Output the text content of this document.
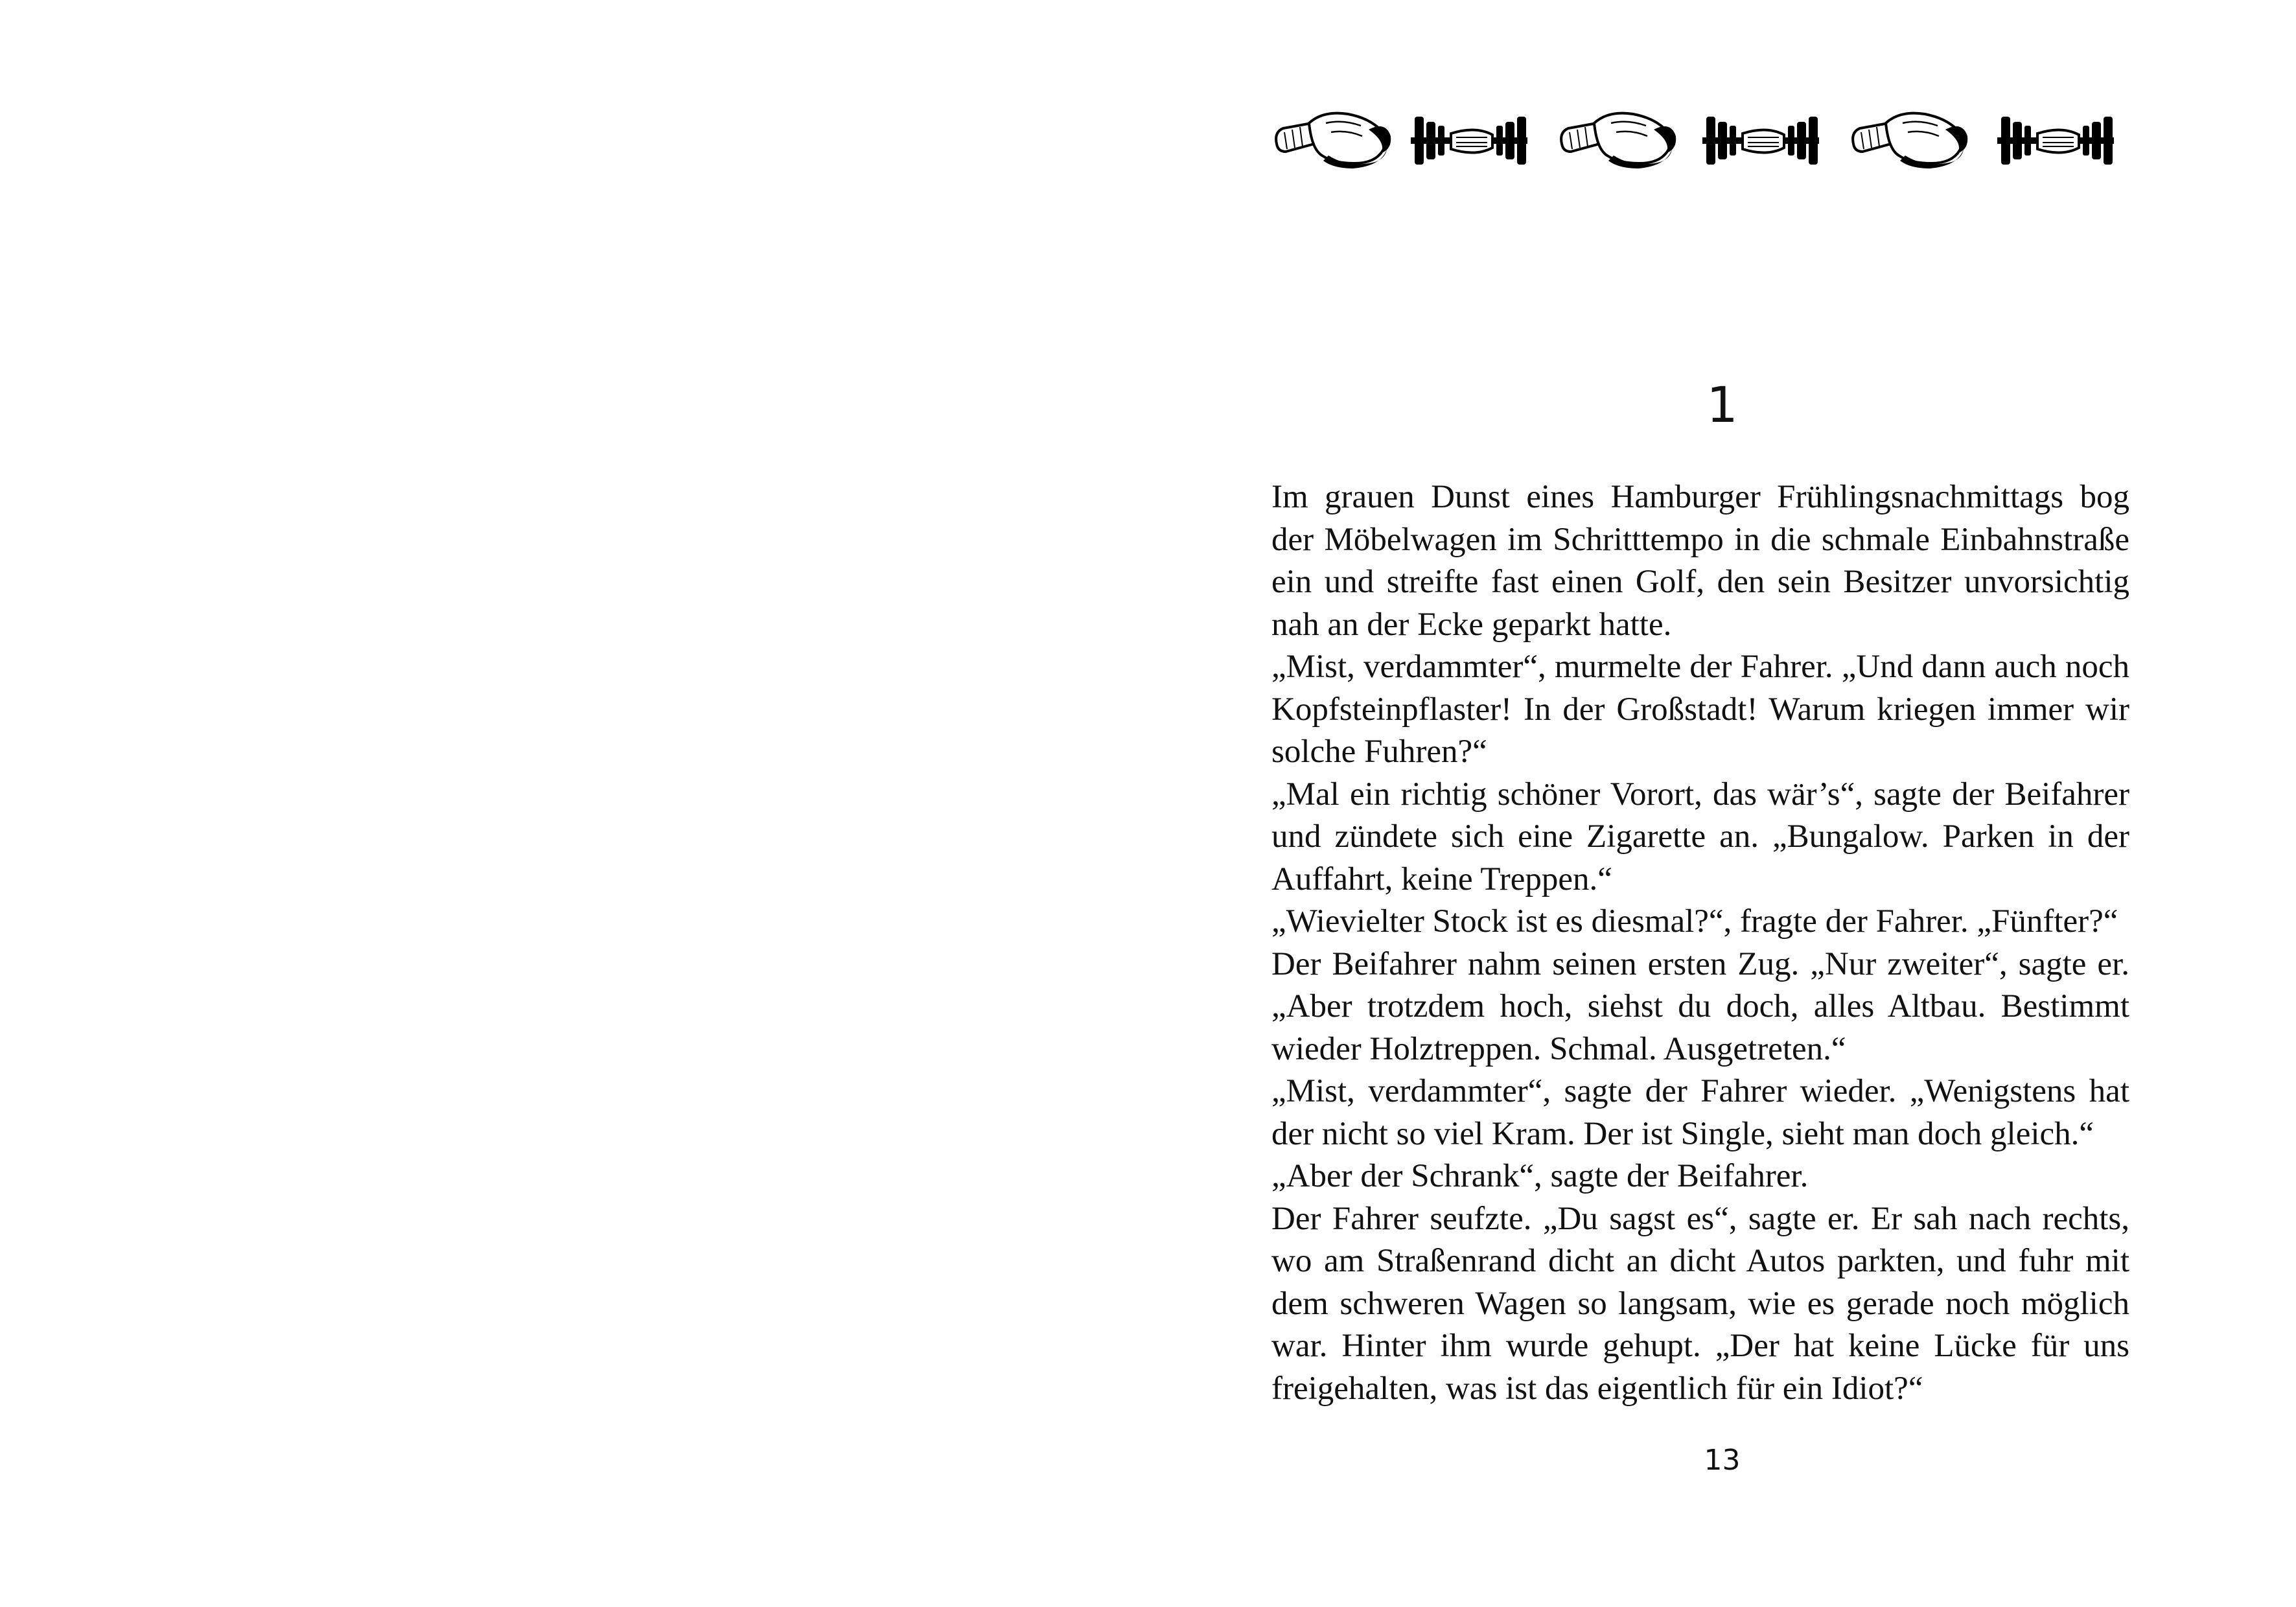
1

Im grauen Dunst eines Hamburger Frühlingsnachmittags bog der Möbelwagen im Schritttempo in die schmale Einbahnstraße ein und streifte fast einen Golf, den sein Besitzer unvorsichtig nah an der Ecke geparkt hatte.

„Mist, verdammter“, murmelte der Fahrer. „Und dann auch noch Kopfsteinpflaster! In der Großstadt! Warum kriegen immer wir solche Fuhren?“

„Mal ein richtig schöner Vorort, das wär’s“, sagte der Beifahrer und zündete sich eine Zigarette an. „Bungalow. Parken in der Auffahrt, keine Treppen.“

„Wievielter Stock ist es diesmal?“, fragte der Fahrer. „Fünfter?“

Der Beifahrer nahm seinen ersten Zug. „Nur zweiter“, sagte er. „Aber trotzdem hoch, siehst du doch, alles Altbau. Bestimmt wieder Holztreppen. Schmal. Ausgetreten.“

„Mist, verdammter“, sagte der Fahrer wieder. „Wenigstens hat der nicht so viel Kram. Der ist Single, sieht man doch gleich.“

„Aber der Schrank“, sagte der Beifahrer.

Der Fahrer seufzte. „Du sagst es“, sagte er. Er sah nach rechts, wo am Straßenrand dicht an dicht Autos parkten, und fuhr mit dem schweren Wagen so langsam, wie es gerade noch möglich war. Hinter ihm wurde gehupt. „Der hat keine Lücke für uns freigehalten, was ist das eigentlich für ein Idiot?“

13
